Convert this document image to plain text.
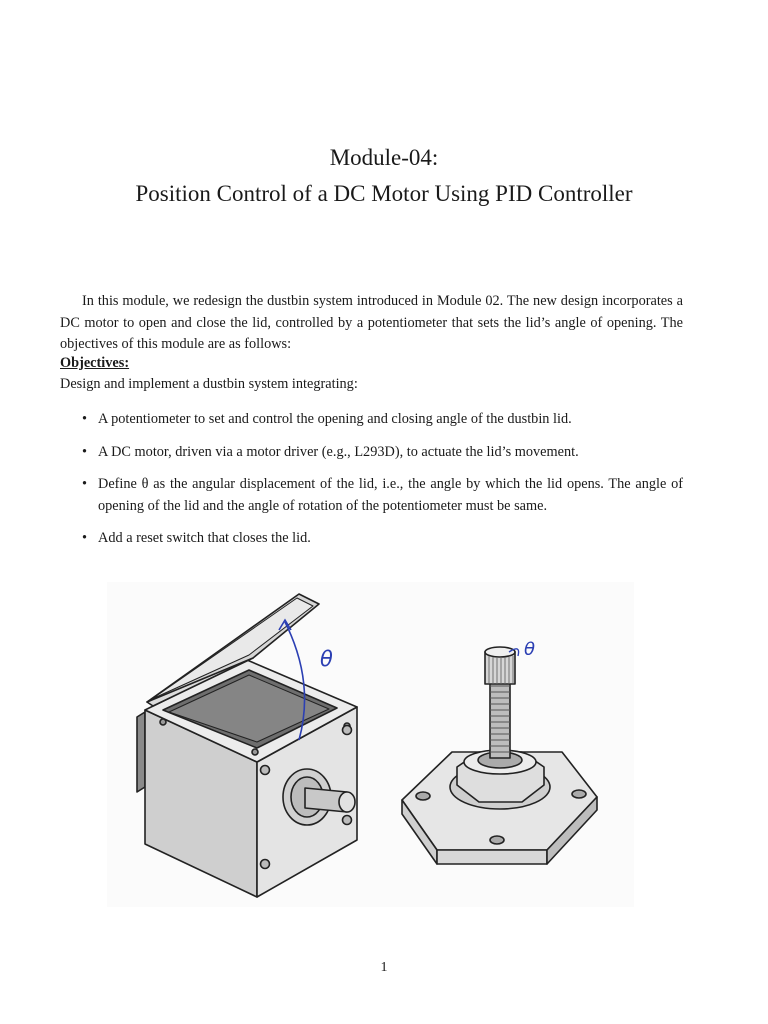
Module-04:
Position Control of a DC Motor Using PID Controller

In this module, we redesign the dustbin system introduced in Module 02. The new design incorporates a DC motor to open and close the lid, controlled by a potentiometer that sets the lid’s angle of opening. The objectives of this module are as follows:

Objectives:
Design and implement a dustbin system integrating:
• A potentiometer to set and control the opening and closing angle of the dustbin lid.
• A DC motor, driven via a motor driver (e.g., L293D), to actuate the lid’s movement.
• Define θ as the angular displacement of the lid, i.e., the angle by which the lid opens. The angle of opening of the lid and the angle of rotation of the potentiometer must be same.
• Add a reset switch that closes the lid.
θ	θ
1
